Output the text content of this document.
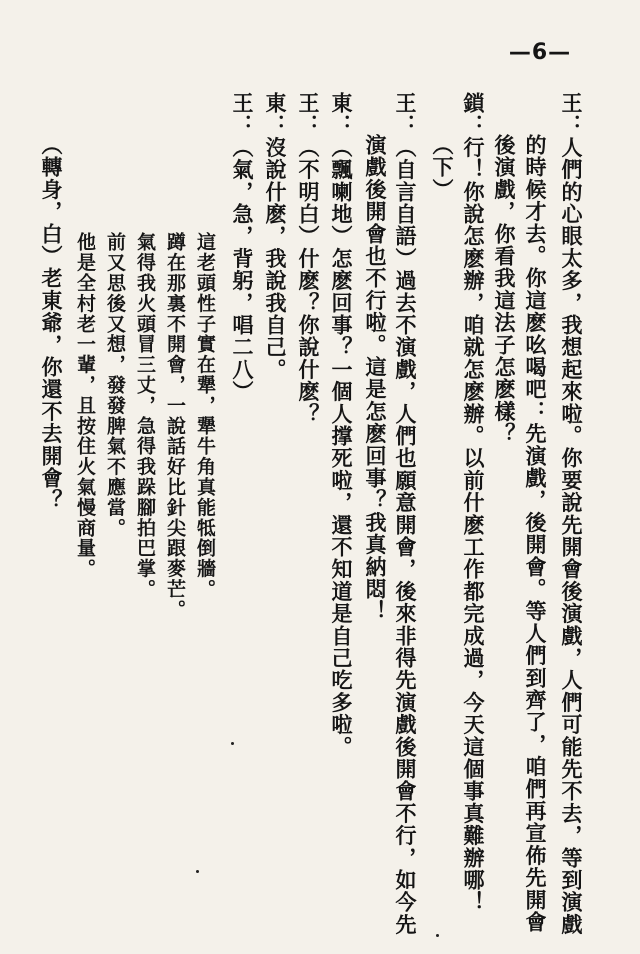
—6—
王：人們的心眼太多，我想起來啦。你要說先開會後演戲，人們可能先不去，等到演戲
的時候才去。你這麽吆喝吧：先演戲，後開會。等人們到齊了，咱們再宣佈先開會
後演戲，你看我這法子怎麽樣？
鎖：行！你說怎麽辦，咱就怎麽辦。以前什麽工作都完成過，今天這個事真難辦哪！
（下）
王：（自言自語）過去不演戲，人們也願意開會，後來非得先演戲後開會不行，如今先
演戲後開會也不行啦。這是怎麽回事？我真納悶！
東：（飄喇地）怎麽回事？一個人撑死啦，還不知道是自己吃多啦。
王：（不明白）什麽？你說什麽？
東：沒說什麽，我說我自己。
王：（氣，急，背躬，唱二八）
這老頭性子實在犟，犟牛角真能牴倒牆。
蹲在那裏不開會，一說話好比針尖跟麥芒。
氣得我火頭冒三丈，急得我跺腳拍巴掌。
前又思後又想，發發脾氣不應當。
他是全村老一輩，且按住火氣慢商量。
（轉身，白）老東爺，你還不去開會？
